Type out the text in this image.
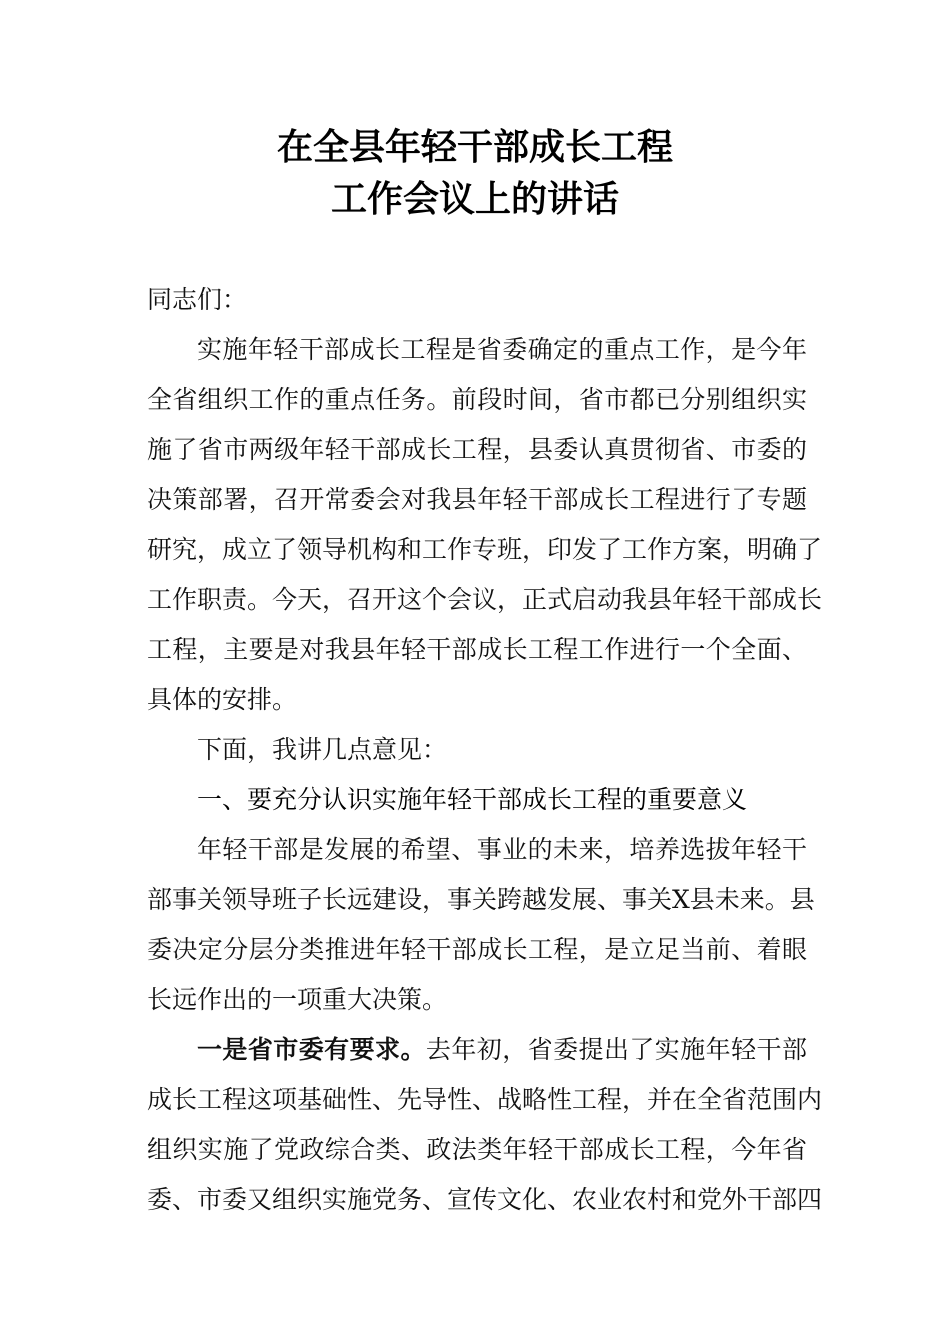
在全县年轻干部成长工程
工作会议上的讲话
同志们：
实施年轻干部成长工程是省委确定的重点工作，是今年
全省组织工作的重点任务。前段时间，省市都已分别组织实
施了省市两级年轻干部成长工程，县委认真贯彻省、市委的
决策部署，召开常委会对我县年轻干部成长工程进行了专题
研究，成立了领导机构和工作专班，印发了工作方案，明确了
工作职责。今天，召开这个会议，正式启动我县年轻干部成长
工程，主要是对我县年轻干部成长工程工作进行一个全面、
具体的安排。
下面，我讲几点意见：
一、要充分认识实施年轻干部成长工程的重要意义
年轻干部是发展的希望、事业的未来，培养选拔年轻干
部事关领导班子长远建设，事关跨越发展、事关X县未来。县
委决定分层分类推进年轻干部成长工程，是立足当前、着眼
长远作出的一项重大决策。
一是省市委有要求。去年初，省委提出了实施年轻干部
成长工程这项基础性、先导性、战略性工程，并在全省范围内
组织实施了党政综合类、政法类年轻干部成长工程，今年省
委、市委又组织实施党务、宣传文化、农业农村和党外干部四
